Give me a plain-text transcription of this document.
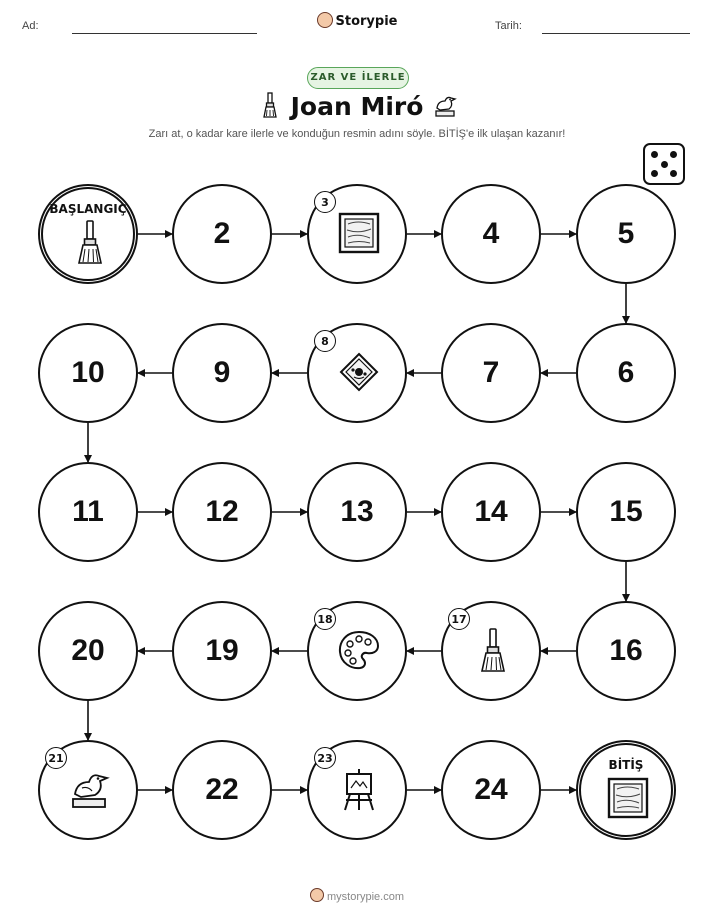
Ad:	Storypie	Tarih:
ZAR VE İLERLE
Joan Miró
Zarı at, o kadar kare ilerle ve konduğun resmin adını söyle. BİTİŞ'e ilk ulaşan kazanır!
BAŞLANGIÇ
2
3
4	5
6
7
8
9
10
11	12	13	14	15
16
17
18
19
20
21
22
23
24
BİTİŞ
mystorypie.com
